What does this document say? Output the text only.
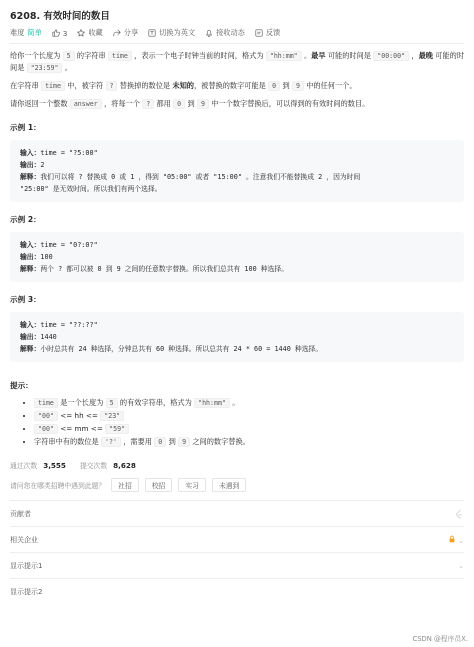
6208. 有效时间的数目
难度 简单	3	收藏	分享	切换为英文	接收动态	反馈

给你一个长度为 5 的字符串 time ，表示一个电子时钟当前的时间，格式为 "hh:mm" 。最早 可能的时间是 "00:00" ，最晚 可能的时间是 "23:59" 。

在字符串 time 中，被字符 ? 替换掉的数位是 未知的，被替换的数字可能是 0 到 9 中的任何一个。

请你返回一个整数 answer ，将每一个 ? 都用 0 到 9 中一个数字替换后，可以得到的有效时间的数目。

示例 1：
输入：time = "?5:00"
输出：2
解释：我们可以将 ? 替换成 0 或 1 ，得到 "05:00" 或者 "15:00" 。注意我们不能替换成 2 ，因为时间
"25:00" 是无效时间。所以我们有两个选择。
示例 2：
输入：time = "0?:0?"
输出：100
解释：两个 ? 都可以被 0 到 9 之间的任意数字替换。所以我们总共有 100 种选择。
示例 3：
输入：time = "??:??"
输出：1440
解释：小时总共有 24 种选择，分钟总共有 60 种选择。所以总共有 24 * 60 = 1440 种选择。
提示：
• time 是一个长度为 5 的有效字符串，格式为 "hh:mm" 。
• "00" <= hh <= "23"
• "00" <= mm <= "59"
• 字符串中有的数位是 '?' ，需要用 0 到 9 之间的数字替换。
通过次数 3,555 提交次数 8,628
请问您在哪类招聘中遇到此题？	社招	校招	实习	未遇到
贡献者
相关企业	⌄
显示提示1	⌄
显示提示2
CSDN @程序员X.
